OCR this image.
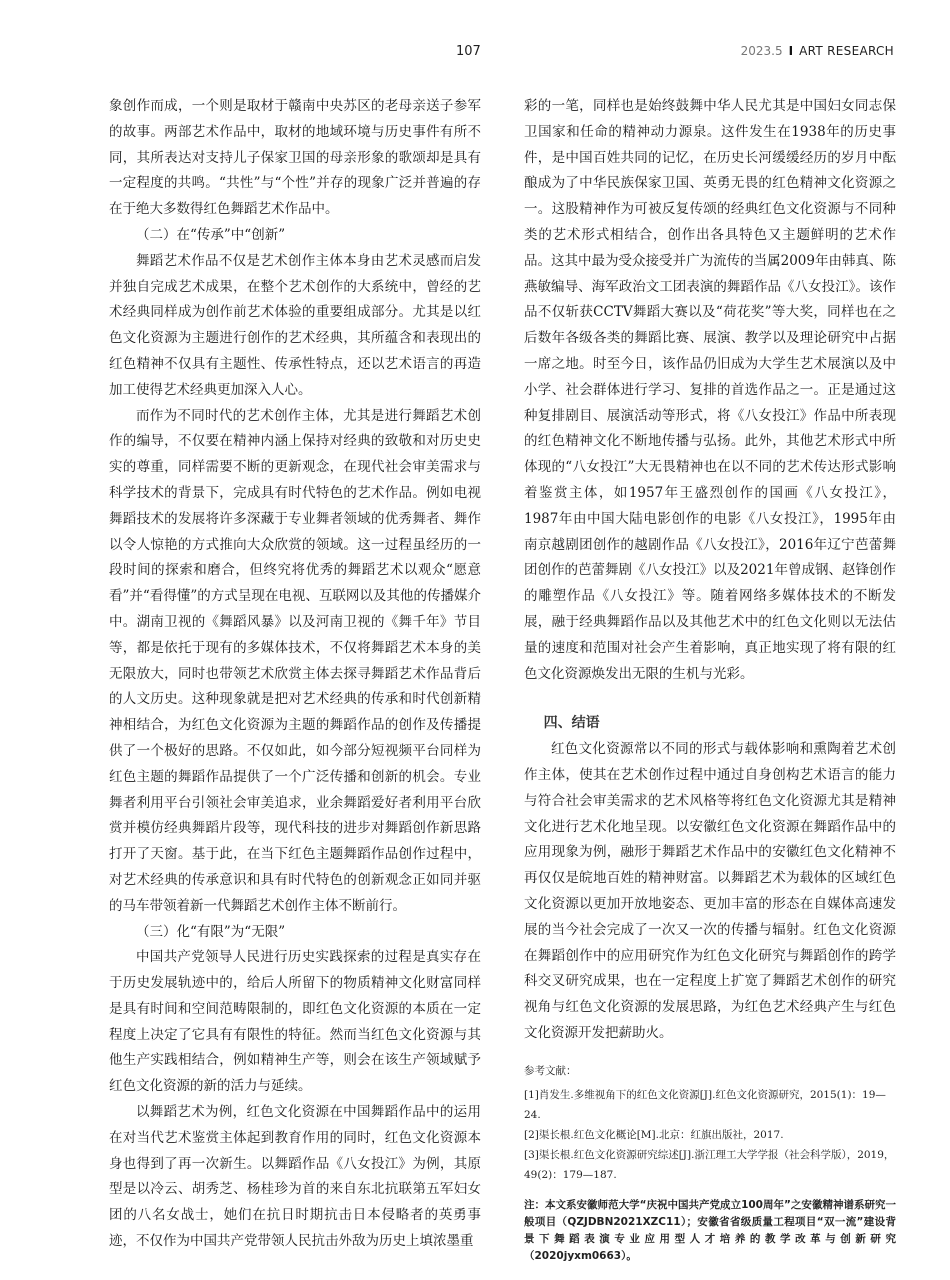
107	2023.5 I ART RESEARCH

象创作而成，一个则是取材于赣南中央苏区的老母亲送子参军的故事。两部艺术作品中，取材的地域环境与历史事件有所不同，其所表达对支持儿子保家卫国的母亲形象的歌颂却是具有一定程度的共鸣。“共性”与“个性”并存的现象广泛并普遍的存在于绝大多数得红色舞蹈艺术作品中。

（二）在“传承”中“创新”

舞蹈艺术作品不仅是艺术创作主体本身由艺术灵感而启发并独自完成艺术成果，在整个艺术创作的大系统中，曾经的艺术经典同样成为创作前艺术体验的重要组成部分。尤其是以红色文化资源为主题进行创作的艺术经典，其所蕴含和表现出的红色精神不仅具有主题性、传承性特点，还以艺术语言的再造加工使得艺术经典更加深入人心。

而作为不同时代的艺术创作主体，尤其是进行舞蹈艺术创作的编导，不仅要在精神内涵上保持对经典的致敬和对历史史实的尊重，同样需要不断的更新观念，在现代社会审美需求与科学技术的背景下，完成具有时代特色的艺术作品。例如电视舞蹈技术的发展将许多深藏于专业舞者领域的优秀舞者、舞作以令人惊艳的方式推向大众欣赏的领域。这一过程虽经历的一段时间的探索和磨合，但终究将优秀的舞蹈艺术以观众“愿意看”并“看得懂”的方式呈现在电视、互联网以及其他的传播媒介中。湖南卫视的《舞蹈风暴》以及河南卫视的《舞千年》节目等，都是依托于现有的多媒体技术，不仅将舞蹈艺术本身的美无限放大，同时也带领艺术欣赏主体去探寻舞蹈艺术作品背后的人文历史。这种现象就是把对艺术经典的传承和时代创新精神相结合，为红色文化资源为主题的舞蹈作品的创作及传播提供了一个极好的思路。不仅如此，如今部分短视频平台同样为红色主题的舞蹈作品提供了一个广泛传播和创新的机会。专业舞者利用平台引领社会审美追求，业余舞蹈爱好者利用平台欣赏并模仿经典舞蹈片段等，现代科技的进步对舞蹈创作新思路打开了天窗。基于此，在当下红色主题舞蹈作品创作过程中，对艺术经典的传承意识和具有时代特色的创新观念正如同并驱的马车带领着新一代舞蹈艺术创作主体不断前行。

（三）化“有限”为“无限”

中国共产党领导人民进行历史实践探索的过程是真实存在于历史发展轨迹中的，给后人所留下的物质精神文化财富同样是具有时间和空间范畴限制的，即红色文化资源的本质在一定程度上决定了它具有有限性的特征。然而当红色文化资源与其他生产实践相结合，例如精神生产等，则会在该生产领域赋予红色文化资源的新的活力与延续。

以舞蹈艺术为例，红色文化资源在中国舞蹈作品中的运用在对当代艺术鉴赏主体起到教育作用的同时，红色文化资源本身也得到了再一次新生。以舞蹈作品《八女投江》为例，其原型是以冷云、胡秀芝、杨桂珍为首的来自东北抗联第五军妇女团的八名女战士，她们在抗日时期抗击日本侵略者的英勇事迹，不仅作为中国共产党带领人民抗击外敌为历史上填浓墨重

彩的一笔，同样也是始终鼓舞中华人民尤其是中国妇女同志保卫国家和任命的精神动力源泉。这件发生在1938年的历史事件，是中国百姓共同的记忆，在历史长河缓缓经历的岁月中酝酿成为了中华民族保家卫国、英勇无畏的红色精神文化资源之一。这股精神作为可被反复传颂的经典红色文化资源与不同种类的艺术形式相结合，创作出各具特色又主题鲜明的艺术作品。这其中最为受众接受并广为流传的当属2009年由韩真、陈燕敏编导、海军政治文工团表演的舞蹈作品《八女投江》。该作品不仅斩获CCTV舞蹈大赛以及“荷花奖”等大奖，同样也在之后数年各级各类的舞蹈比赛、展演、教学以及理论研究中占据一席之地。时至今日，该作品仍旧成为大学生艺术展演以及中小学、社会群体进行学习、复排的首选作品之一。正是通过这种复排剧目、展演活动等形式，将《八女投江》作品中所表现的红色精神文化不断地传播与弘扬。此外，其他艺术形式中所体现的“八女投江”大无畏精神也在以不同的艺术传达形式影响着鉴赏主体，如1957年王盛烈创作的国画《八女投江》，1987年由中国大陆电影创作的电影《八女投江》，1995年由南京越剧团创作的越剧作品《八女投江》，2016年辽宁芭蕾舞团创作的芭蕾舞剧《八女投江》以及2021年曾成钢、赵锋创作的雕塑作品《八女投江》等。随着网络多媒体技术的不断发展，融于经典舞蹈作品以及其他艺术中的红色文化则以无法估量的速度和范围对社会产生着影响，真正地实现了将有限的红色文化资源焕发出无限的生机与光彩。

四、结语

红色文化资源常以不同的形式与载体影响和熏陶着艺术创作主体，使其在艺术创作过程中通过自身创构艺术语言的能力与符合社会审美需求的艺术风格等将红色文化资源尤其是精神文化进行艺术化地呈现。以安徽红色文化资源在舞蹈作品中的应用现象为例，融形于舞蹈艺术作品中的安徽红色文化精神不再仅仅是皖地百姓的精神财富。以舞蹈艺术为载体的区域红色文化资源以更加开放地姿态、更加丰富的形态在自媒体高速发展的当今社会完成了一次又一次的传播与辐射。红色文化资源在舞蹈创作中的应用研究作为红色文化研究与舞蹈创作的跨学科交叉研究成果，也在一定程度上扩宽了舞蹈艺术创作的研究视角与红色文化资源的发展思路，为红色艺术经典产生与红色文化资源开发把薪助火。

参考文献：
[1]肖发生.多维视角下的红色文化资源[J].红色文化资源研究，2015(1)：19—24.
[2]渠长根.红色文化概论[M].北京：红旗出版社，2017.
[3]渠长根.红色文化资源研究综述[J].浙江理工大学学报（社会科学版），2019，49(2)：179—187.
注：本文系安徽师范大学“庆祝中国共产党成立100周年”之安徽精神谱系研究一般项目（QZJDBN2021XZC11）；安徽省省级质量工程项目“双一流”建设背景下舞蹈表演专业应用型人才培养的教学改革与创新研究（2020jyxm0663）。
